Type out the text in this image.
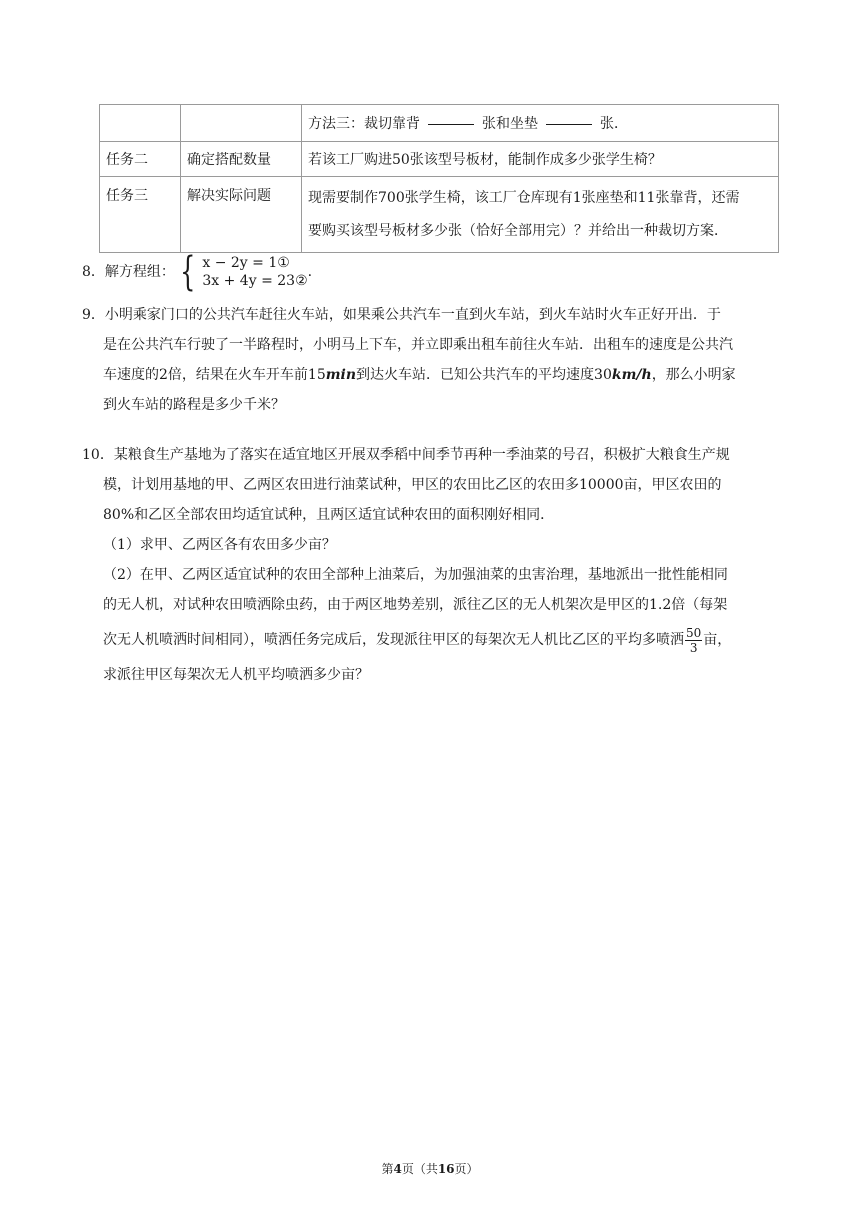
		方法三：裁切靠背 张和坐垫 张．
任务二	确定搭配数量	若该工厂购进50张该型号板材，能制作成多少张学生椅？
任务三	解决实际问题	现需要制作700张学生椅，该工厂仓库现有1张座垫和11张靠背，还需
要购买该型号板材多少张（恰好全部用完）？并给出一种裁切方案．
8．解方程组： { x − 2y = 1①
3x + 4y = 23②
.

9．小明乘家门口的公共汽车赶往火车站，如果乘公共汽车一直到火车站，到火车站时火车正好开出．于

是在公共汽车行驶了一半路程时，小明马上下车，并立即乘出租车前往火车站．出租车的速度是公共汽

车速度的2倍，结果在火车开车前15min到达火车站．已知公共汽车的平均速度30km/h，那么小明家

到火车站的路程是多少千米？

10．某粮食生产基地为了落实在适宜地区开展双季稻中间季节再种一季油菜的号召，积极扩大粮食生产规

模，计划用基地的甲、乙两区农田进行油菜试种，甲区的农田比乙区的农田多10000亩，甲区农田的

80%和乙区全部农田均适宜试种，且两区适宜试种农田的面积刚好相同．

（1）求甲、乙两区各有农田多少亩？

（2）在甲、乙两区适宜试种的农田全部种上油菜后，为加强油菜的虫害治理，基地派出一批性能相同

的无人机，对试种农田喷洒除虫药，由于两区地势差别，派往乙区的无人机架次是甲区的1.2倍（每架

次无人机喷洒时间相同），喷洒任务完成后，发现派往甲区的每架次无人机比乙区的平均多喷洒 $\frac{50}{3}$ 亩，

求派往甲区每架次无人机平均喷洒多少亩？

第4页（共16页）
